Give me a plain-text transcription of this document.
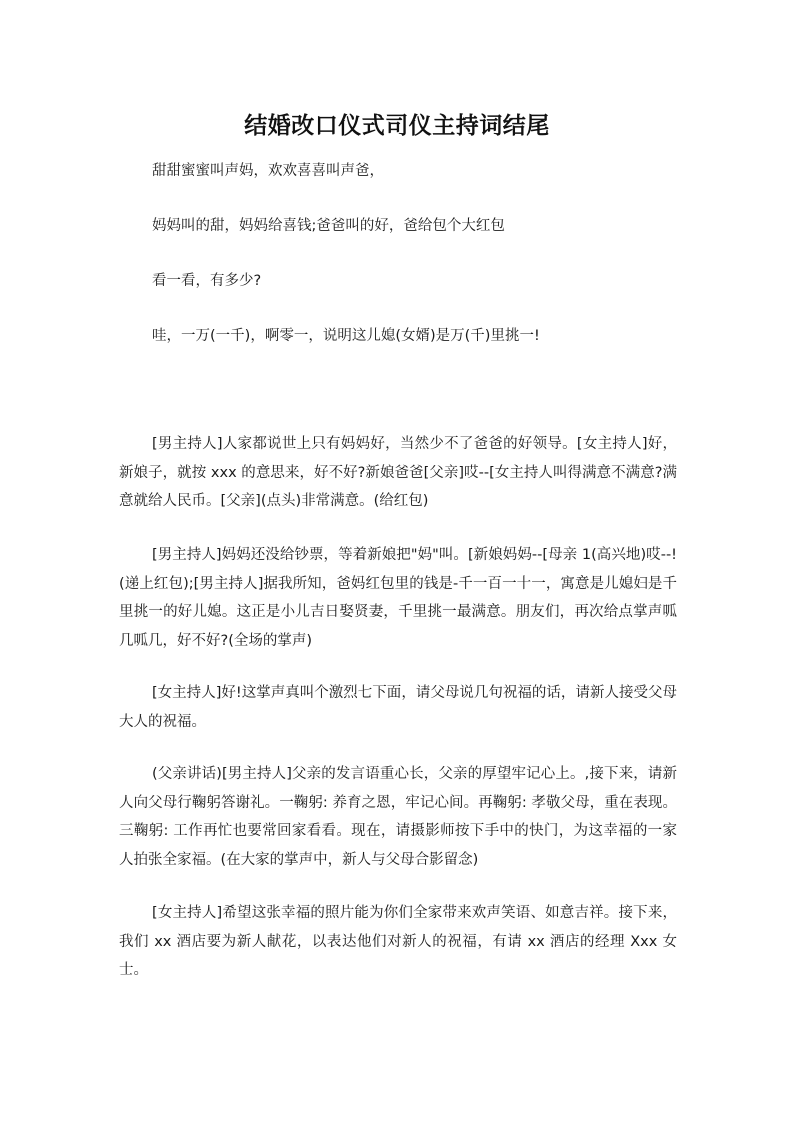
结婚改口仪式司仪主持词结尾

甜甜蜜蜜叫声妈，欢欢喜喜叫声爸，

妈妈叫的甜，妈妈给喜钱;爸爸叫的好，爸给包个大红包

看一看，有多少?

哇，一万(一千)，啊零一，说明这儿媳(女婿)是万(千)里挑一!

[男主持人]人家都说世上只有妈妈好，当然少不了爸爸的好领导。[女主持人]好，新娘子，就按 xxx 的意思来，好不好?新娘爸爸[父亲]哎--[女主持人叫得满意不满意?满意就给人民币。[父亲](点头)非常满意。(给红包)

[男主持人]妈妈还没给钞票，等着新娘把"妈"叫。[新娘妈妈--[母亲 1(高兴地)哎--!(递上红包);[男主持人]据我所知，爸妈红包里的钱是-千一百一十一，寓意是儿媳妇是千里挑一的好儿媳。这正是小儿吉日娶贤妻，千里挑一最满意。朋友们，再次给点掌声呱几呱几，好不好?(全场的掌声)

[女主持人]好!这掌声真叫个激烈七下面，请父母说几句祝福的话，请新人接受父母大人的祝福。

(父亲讲话)[男主持人]父亲的发言语重心长，父亲的厚望牢记心上。,接下来，请新人向父母行鞠躬答谢礼。一鞠躬: 养育之恩，牢记心间。再鞠躬: 孝敬父母，重在表现。三鞠躬: 工作再忙也要常回家看看。现在，请摄影师按下手中的快门，为这幸福的一家人拍张全家福。(在大家的掌声中，新人与父母合影留念)

[女主持人]希望这张幸福的照片能为你们全家带来欢声笑语、如意吉祥。接下来，我们 xx 酒店要为新人献花，以表达他们对新人的祝福，有请 xx 酒店的经理 Xxx 女士。
